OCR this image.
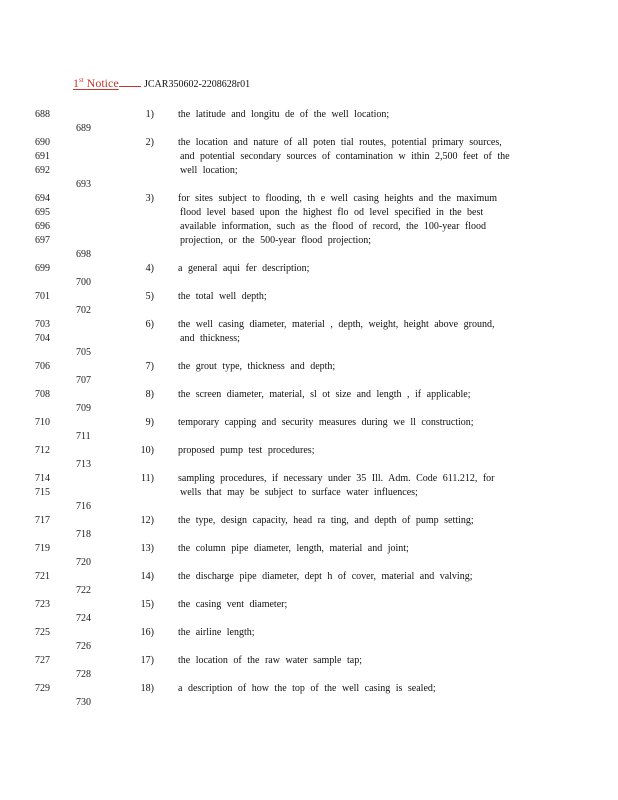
1st Notice	JCAR350602-2208628r01
688
690
691
692
694
695
696
697
699
701
703
704
706
708
710
712
714
715
717
719
721
723
725
727
729
689
693
698
700
702
705
707
709
711
713
716
718
720
722
724
726
728
730
1) the latitude and longitu de of the well location;
2) the location and nature of all poten tial routes, potential primary sources,
and potential secondary sources of contamination w ithin 2,500 feet of the
well location;
3) for sites subject to flooding, th e well casing heights and the maximum
flood level based upon the highest flo od level specified in the best
available information, such as the flood of record, the 100-year flood
projection, or the 500-year flood projection;
4) a general aqui fer description;
5) the total well depth;
6) the well casing diameter, material , depth, weight, height above ground,
and thickness;
7) the grout type, thickness and depth;
8) the screen diameter, material, sl ot size and length , if applicable;
9) temporary capping and security measures during we ll construction;
10) proposed pump test procedures;
11) sampling procedures, if necessary under 35 Ill. Adm. Code 611.212, for
wells that may be subject to surface water influences;
12) the type, design capacity, head ra ting, and depth of pump setting;
13) the column pipe diameter, length, material and joint;
14) the discharge pipe diameter, dept h of cover, material and valving;
15) the casing vent diameter;
16) the airline length;
17) the location of the raw water sample tap;
18) a description of how the top of the well casing is sealed;
